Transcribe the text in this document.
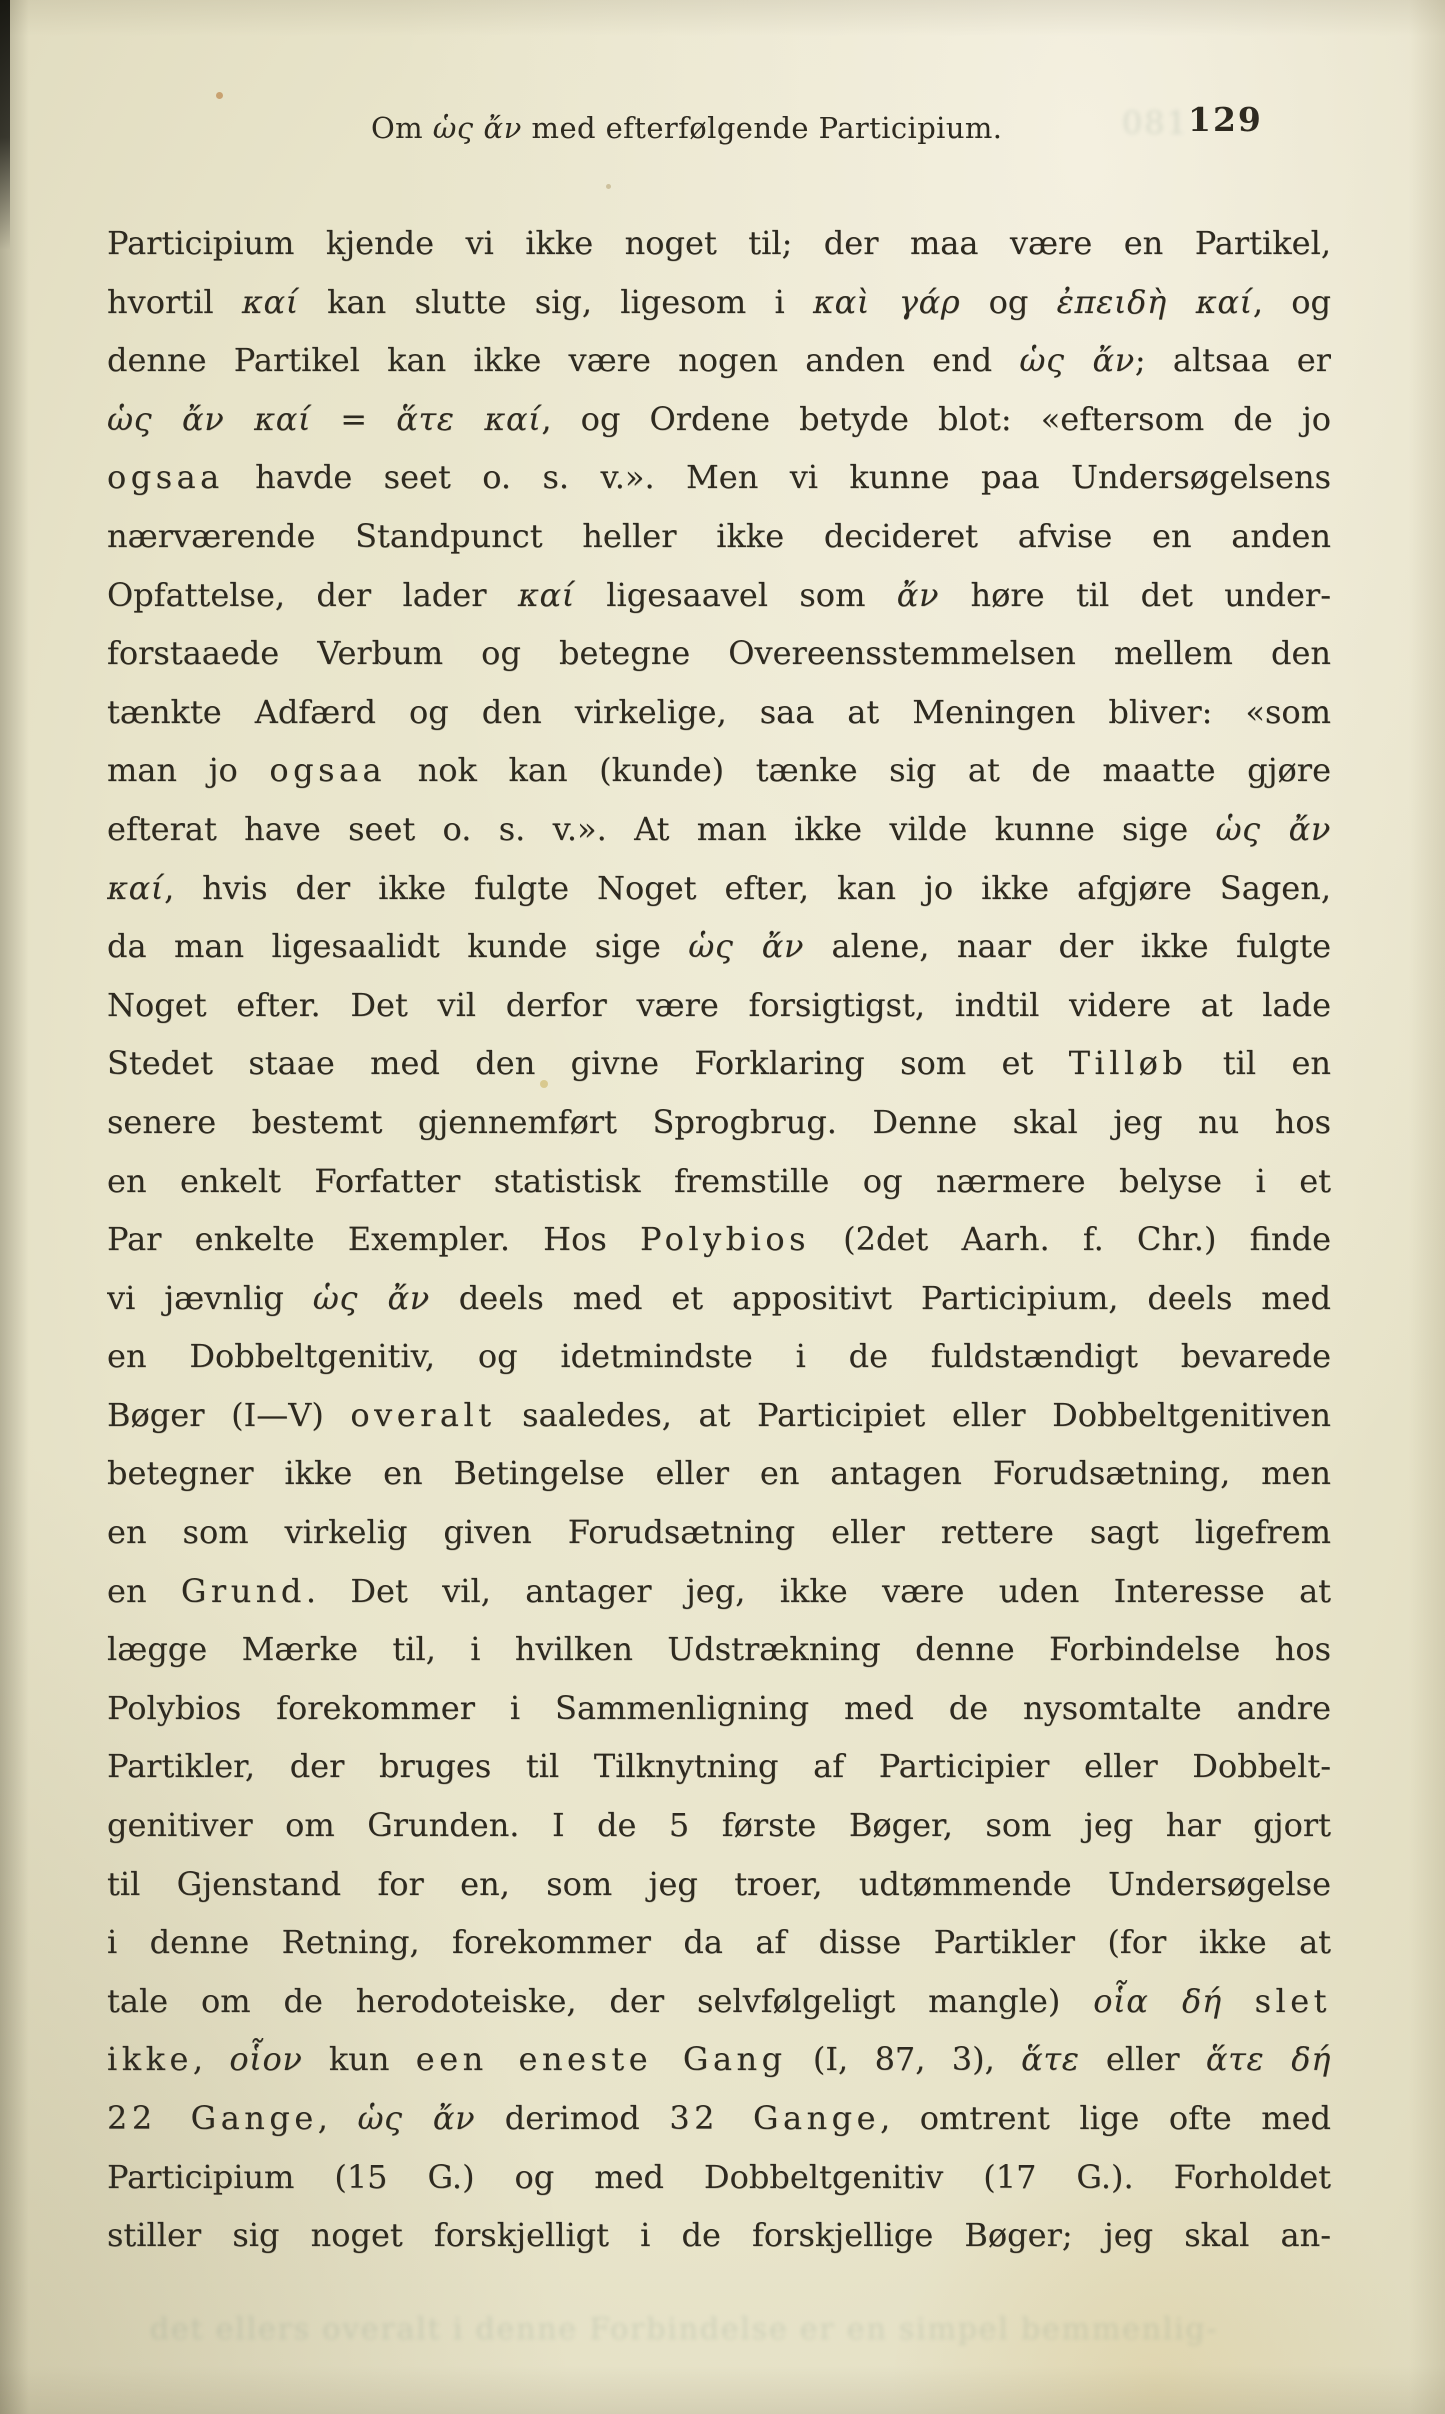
081
Om ὡς ἄν med efterfølgende Participium.	129
Participium kjende vi ikke noget til; der maa være en Partikel,
hvortil καί kan slutte sig, ligesom i καὶ γάρ og ἐπειδὴ καί, og
denne Partikel kan ikke være nogen anden end ὡς ἄν; altsaa er
ὡς ἄν καί = ἅτε καί, og Ordene betyde blot: «eftersom de jo
ogsaa havde seet o. s. v.». Men vi kunne paa Undersøgelsens
nærværende Standpunct heller ikke decideret afvise en anden
Opfattelse, der lader καί ligesaavel som ἄν høre til det under-
forstaaede Verbum og betegne Overeensstemmelsen mellem den
tænkte Adfærd og den virkelige, saa at Meningen bliver: «som
man jo ogsaa nok kan (kunde) tænke sig at de maatte gjøre
efterat have seet o. s. v.». At man ikke vilde kunne sige ὡς ἄν
καί, hvis der ikke fulgte Noget efter, kan jo ikke afgjøre Sagen,
da man ligesaalidt kunde sige ὡς ἄν alene, naar der ikke fulgte
Noget efter. Det vil derfor være forsigtigst, indtil videre at lade
Stedet staae med den givne Forklaring som et Tilløb til en
senere bestemt gjennemført Sprogbrug. Denne skal jeg nu hos
en enkelt Forfatter statistisk fremstille og nærmere belyse i et
Par enkelte Exempler. Hos Polybios (2det Aarh. f. Chr.) finde
vi jævnlig ὡς ἄν deels med et appositivt Participium, deels med
en Dobbeltgenitiv, og idetmindste i de fuldstændigt bevarede
Bøger (I—V) overalt saaledes, at Participiet eller Dobbeltgenitiven
betegner ikke en Betingelse eller en antagen Forudsætning, men
en som virkelig given Forudsætning eller rettere sagt ligefrem
en Grund. Det vil, antager jeg, ikke være uden Interesse at
lægge Mærke til, i hvilken Udstrækning denne Forbindelse hos
Polybios forekommer i Sammenligning med de nysomtalte andre
Partikler, der bruges til Tilknytning af Participier eller Dobbelt-
genitiver om Grunden. I de 5 første Bøger, som jeg har gjort
til Gjenstand for en, som jeg troer, udtømmende Undersøgelse
i denne Retning, forekommer da af disse Partikler (for ikke at
tale om de herodoteiske, der selvfølgeligt mangle) οἷα δή slet
ikke, οἷον kun een eneste Gang (I, 87, 3), ἅτε eller ἅτε δή
22 Gange, ὡς ἄν derimod 32 Gange, omtrent lige ofte med
Participium (15 G.) og med Dobbeltgenitiv (17 G.). Forholdet
stiller sig noget forskjelligt i de forskjellige Bøger; jeg skal an-
det ellers overalt i denne Forbindelse er en simpel bemmenlig-
